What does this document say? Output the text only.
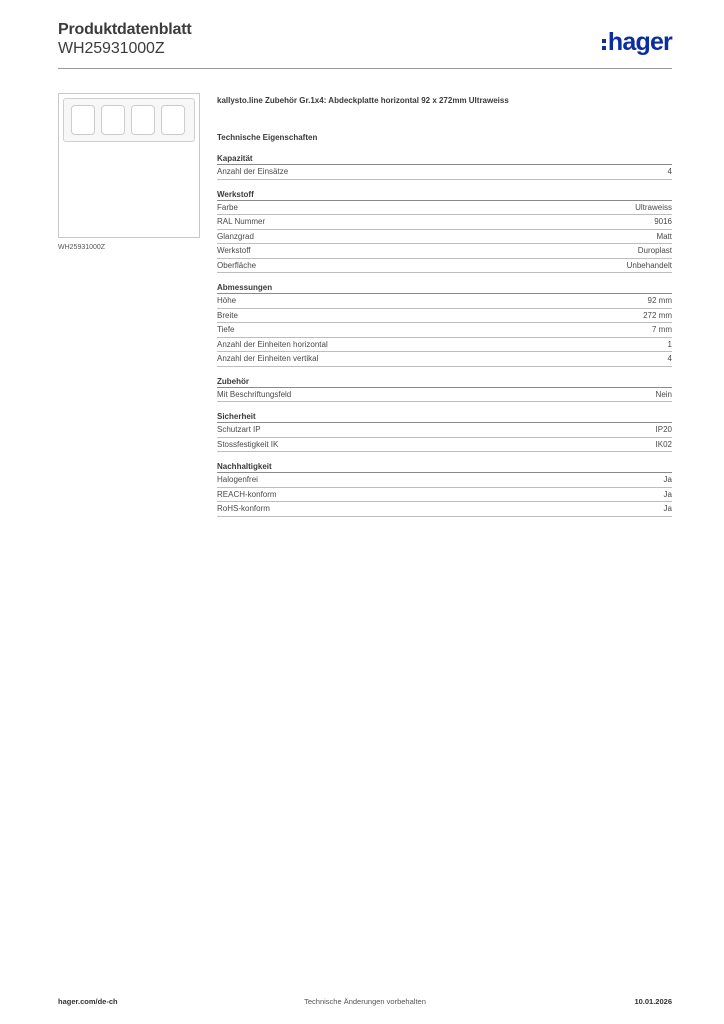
Produktdatenblatt
WH25931000Z	hager
WH25931000Z
kallysto.line Zubehör Gr.1x4: Abdeckplatte horizontal 92 x 272mm Ultraweiss
Technische Eigenschaften
Kapazität
Anzahl der Einsätze	4
Werkstoff
Farbe	Ultraweiss
RAL Nummer	9016
Glanzgrad	Matt
Werkstoff	Duroplast
Oberfläche	Unbehandelt
Abmessungen
Höhe	92 mm
Breite	272 mm
Tiefe	7 mm
Anzahl der Einheiten horizontal	1
Anzahl der Einheiten vertikal	4
Zubehör
Mit Beschriftungsfeld	Nein
Sicherheit
Schutzart IP	IP20
Stossfestigkeit IK	IK02
Nachhaltigkeit
Halogenfrei	Ja
REACH-konform	Ja
RoHS-konform	Ja
hager.com/de-ch	Technische Änderungen vorbehalten	10.01.2026
